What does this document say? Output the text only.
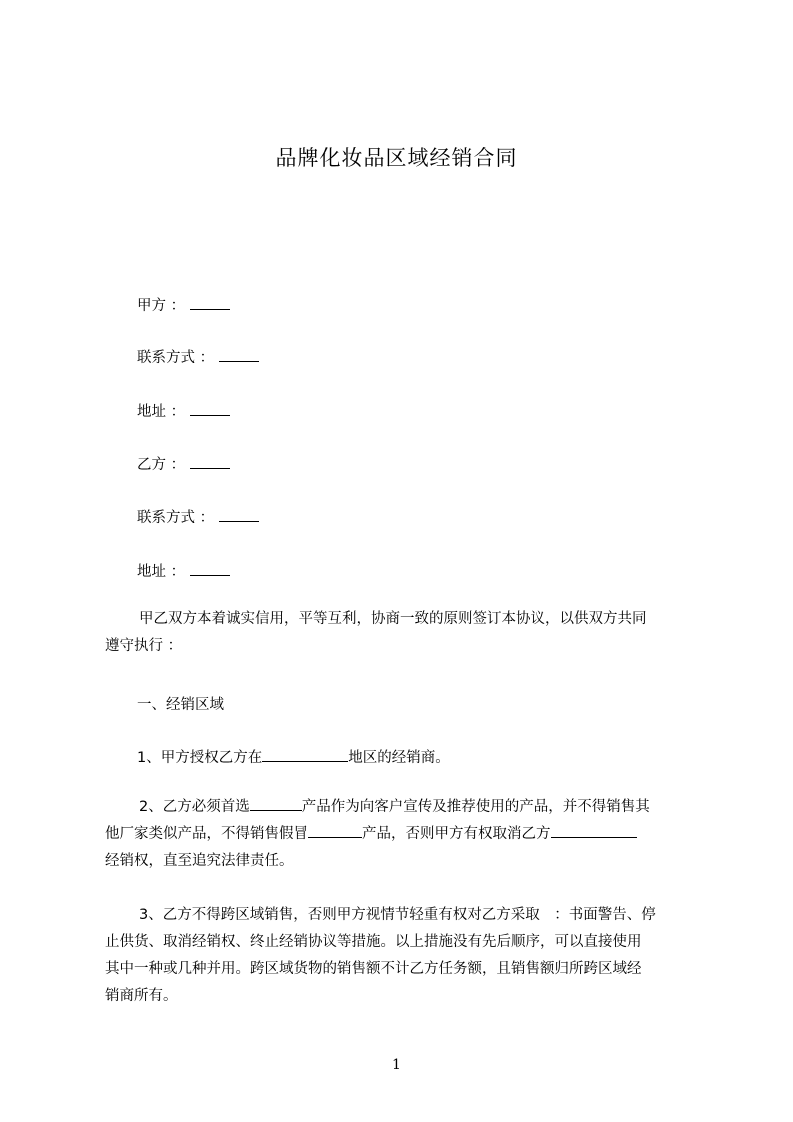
品牌化妆品区域经销合同
甲方 ：
联系方式 ：
地址 ：
乙方 ：
联系方式 ：
地址 ：
甲乙双方本着诚实信用，平等互利，协商一致的原则签订本协议，以供双方共同
遵守执行 ：
一、经销区域
1、甲方授权乙方在	地区的经销商。
2、乙方必须首选	产品作为向客户宣传及推荐使用的产品，并不得销售其
他厂家类似产品，不得销售假冒	产品，否则甲方有权取消乙方
经销权，直至追究法律责任。
3、乙方不得跨区域销售，否则甲方视情节轻重有权对乙方采取　：书面警告、停
止供货、取消经销权、终止经销协议等措施。以上措施没有先后顺序，可以直接使用
其中一种或几种并用。跨区域货物的销售额不计乙方任务额，且销售额归所跨区域经
销商所有。
1
